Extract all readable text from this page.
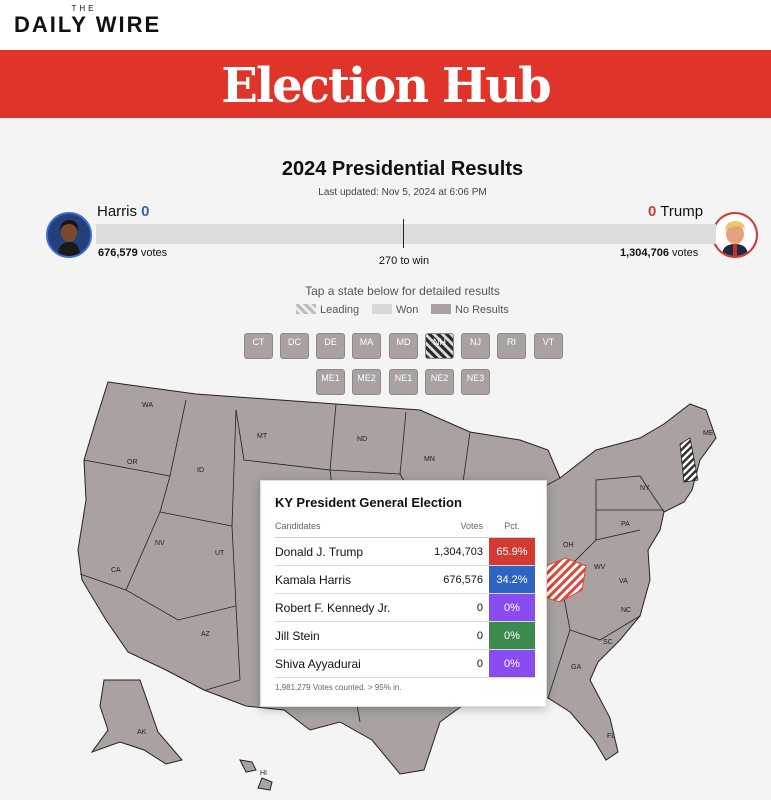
THE
DAILY WIRE
Election Hub
2024 Presidential Results
Last updated: Nov 5, 2024 at 6:06 PM
Harris 0	0 Trump
270 to win
676,579 votes	1,304,706 votes
Tap a state below for detailed results
Leading	Won	No Results
CT	DC	DE	MA	MD	NH	NJ	RI	VT
ME1	ME2	NE1	NE2	NE3
WA
MT	ND
MN
OR
ID
NV
UT
CA
AZ
ME
NY
PA
OH
WV
VA
NC
SC
GA
FL
AK
HI
KY President General Election
Candidates	Votes	Pct.
Donald J. Trump	1,304,703	65.9%
Kamala Harris	676,576	34.2%
Robert F. Kennedy Jr.	0	0%
Jill Stein	0	0%
Shiva Ayyadurai	0	0%
1,981,279 Votes counted. > 95% in.
